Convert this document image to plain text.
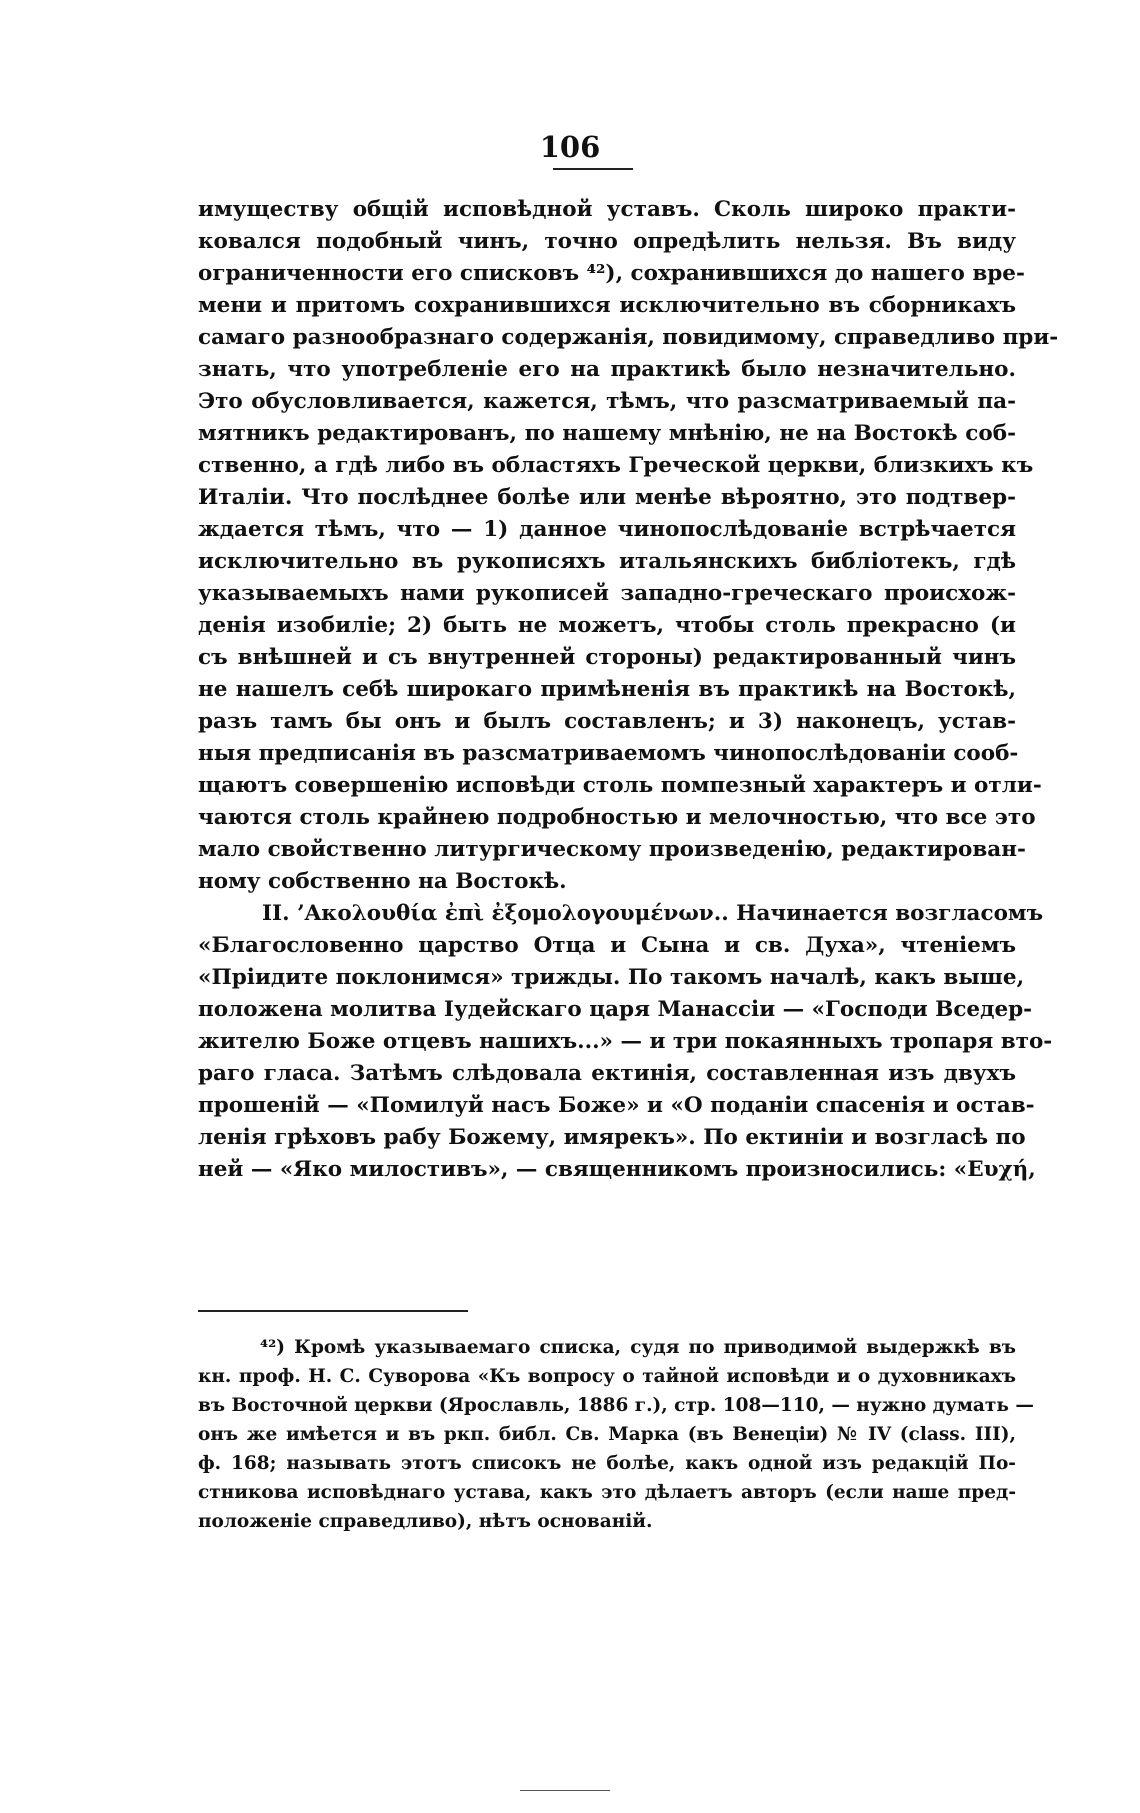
106
имуществу общій исповѣдной уставъ. Сколь широко практи-
ковался подобный чинъ, точно опредѣлить нельзя. Въ виду
ограниченности его списковъ ⁴²), сохранившихся до нашего вре-
мени и притомъ сохранившихся исключительно въ сборникахъ
самаго разнообразнаго содержанія, повидимому, справедливо при-
знать, что употребленіе его на практикѣ было незначительно.
Это обусловливается, кажется, тѣмъ, что разсматриваемый па-
мятникъ редактированъ, по нашему мнѣнію, не на Востокѣ соб-
ственно, а гдѣ либо въ областяхъ Греческой церкви, близкихъ къ
Италіи. Что послѣднее болѣе или менѣе вѣроятно, это подтвер-
ждается тѣмъ, что — 1) данное чинопослѣдованіе встрѣчается
исключительно въ рукописяхъ итальянскихъ библіотекъ, гдѣ
указываемыхъ нами рукописей западно-греческаго происхож-
денія изобиліе; 2) быть не можетъ, чтобы столь прекрасно (и
съ внѣшней и съ внутренней стороны) редактированный чинъ
не нашелъ себѣ широкаго примѣненія въ практикѣ на Востокѣ,
разъ тамъ бы онъ и былъ составленъ; и 3) наконецъ, устав-
ныя предписанія въ разсматриваемомъ чинопослѣдованіи сооб-
щаютъ совершенію исповѣди столь помпезный характеръ и отли-
чаются столь крайнею подробностью и мелочностью, что все это
мало свойственно литургическому произведенію, редактирован-
ному собственно на Востокѣ.
II. ’Ακολουθία ἐπὶ ἐξομολογουμένων.. Начинается возгласомъ
«Благословенно царство Отца и Сына и св. Духа», чтеніемъ
«Пріидите поклонимся» трижды. По такомъ началѣ, какъ выше,
положена молитва Іудейскаго царя Манассіи — «Господи Вседер-
жителю Боже отцевъ нашихъ...» — и три покаянныхъ тропаря вто-
раго гласа. Затѣмъ слѣдовала ектинія, составленная изъ двухъ
прошеній — «Помилуй насъ Боже» и «О поданіи спасенія и остав-
ленія грѣховъ рабу Божему, имярекъ». По ектиніи и возгласѣ по
ней — «Яко милостивъ», — священникомъ произносились: «Ευχή,
⁴²) Кромѣ указываемаго списка, судя по приводимой выдержкѣ въ
кн. проф. Н. С. Суворова «Къ вопросу о тайной исповѣди и о духовникахъ
въ Восточной церкви (Ярославль, 1886 г.), стр. 108—110, — нужно думать —
онъ же имѣется и въ ркп. библ. Св. Марка (въ Венеціи) № IV (class. III),
ф. 168; называть этотъ списокъ не болѣе, какъ одной изъ редакцій По-
стникова исповѣднаго устава, какъ это дѣлаетъ авторъ (если наше пред-
положеніе справедливо), нѣтъ основаній.
